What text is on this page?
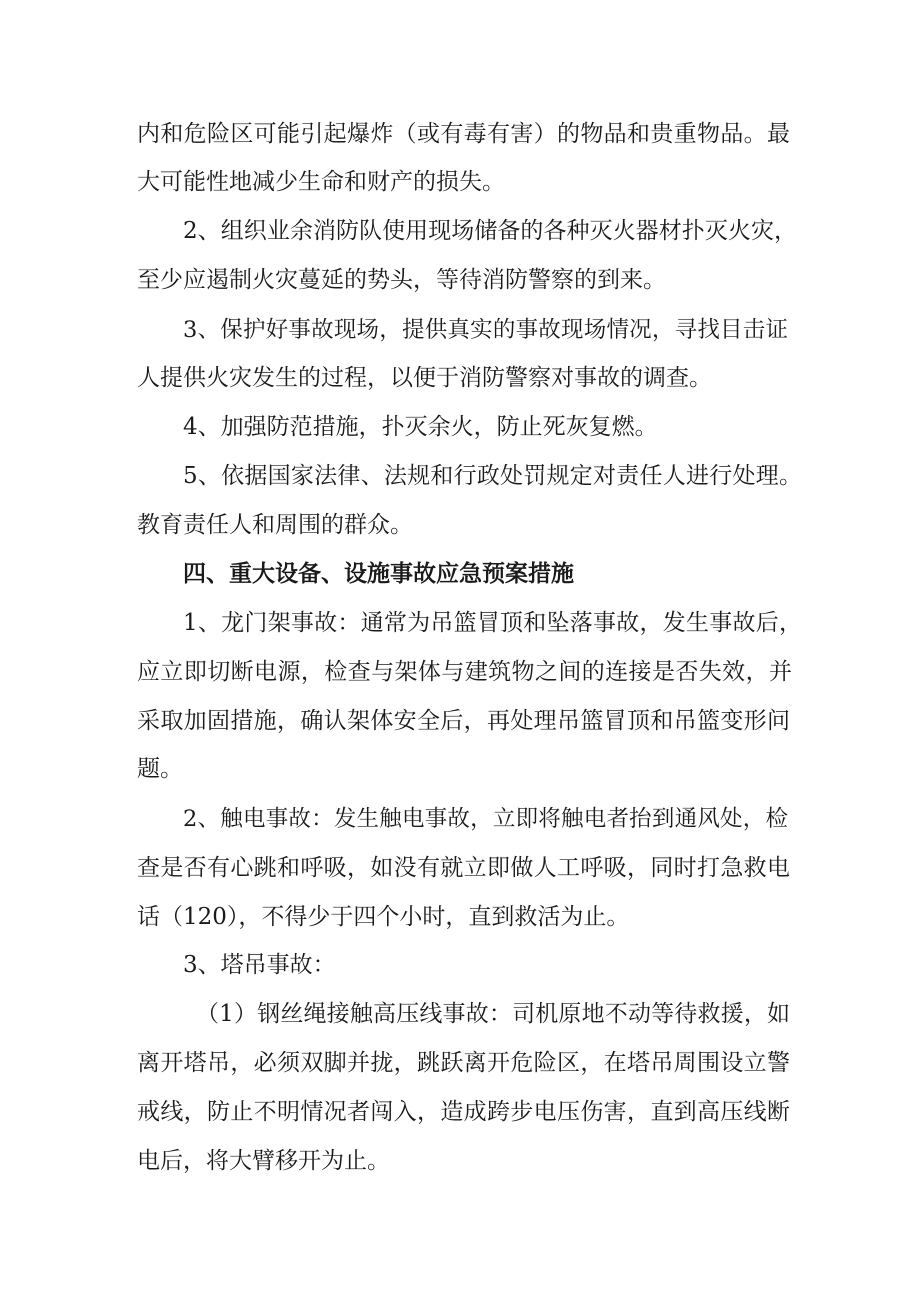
内和危险区可能引起爆炸（或有毒有害）的物品和贵重物品。最
大可能性地减少生命和财产的损失。
2、组织业余消防队使用现场储备的各种灭火器材扑灭火灾，
至少应遏制火灾蔓延的势头，等待消防警察的到来。
3、保护好事故现场，提供真实的事故现场情况，寻找目击证
人提供火灾发生的过程，以便于消防警察对事故的调查。
4、加强防范措施，扑灭余火，防止死灰复燃。
5、依据国家法律、法规和行政处罚规定对责任人进行处理。
教育责任人和周围的群众。
四、重大设备、设施事故应急预案措施
1、龙门架事故：通常为吊篮冒顶和坠落事故，发生事故后，
应立即切断电源，检查与架体与建筑物之间的连接是否失效，并
采取加固措施，确认架体安全后，再处理吊篮冒顶和吊篮变形问
题。
2、触电事故：发生触电事故，立即将触电者抬到通风处，检
查是否有心跳和呼吸，如没有就立即做人工呼吸，同时打急救电
话（120），不得少于四个小时，直到救活为止。
3、塔吊事故：
（1）钢丝绳接触高压线事故：司机原地不动等待救援，如
离开塔吊，必须双脚并拢，跳跃离开危险区，在塔吊周围设立警
戒线，防止不明情况者闯入，造成跨步电压伤害，直到高压线断
电后，将大臂移开为止。
